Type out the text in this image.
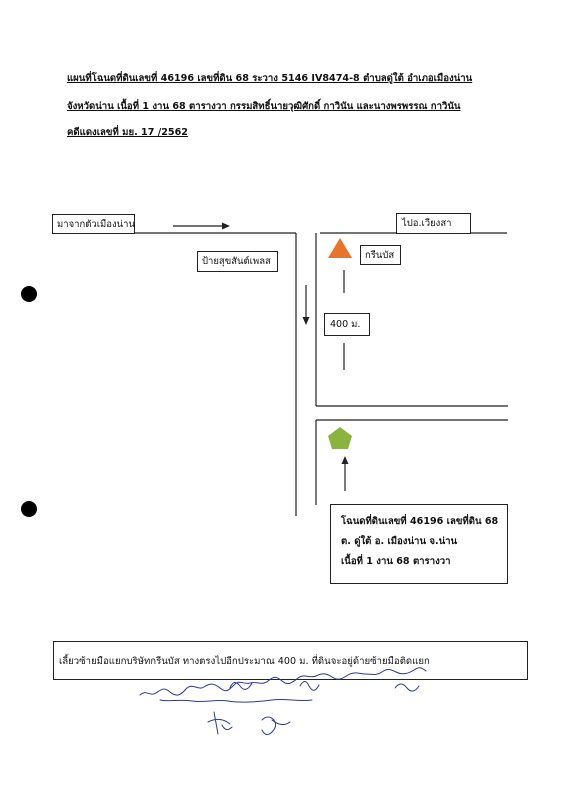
แผนที่โฉนดที่ดินเลขที่ 46196 เลขที่ดิน 68 ระวาง 5146 IV8474-8 ตำบลดู่ใต้ อำเภอเมืองน่าน
จังหวัดน่าน เนื้อที่ 1 งาน 68 ตารางวา กรรมสิทธิ์นายวุฒิศักดิ์ กาวินัน และนางพรพรรณ กาวินัน
คดีแดงเลขที่ มย. 17 /2562
มาจากตัวเมืองน่าน	ไปอ.เวียงสา
ป้ายสุขสันต์เพลส
กรีนบัส
400 ม.
โฉนดที่ดินเลขที่ 46196 เลขที่ดิน 68
ต. ดู่ใต้ อ. เมืองน่าน จ.น่าน
เนื้อที่ 1 งาน 68 ตารางวา
เลี้ยวซ้ายมือแยกบริษัทกรีนบัส ทางตรงไปอีกประมาณ 400 ม. ที่ดินจะอยู่ด้ายซ้ายมือติดแยก
